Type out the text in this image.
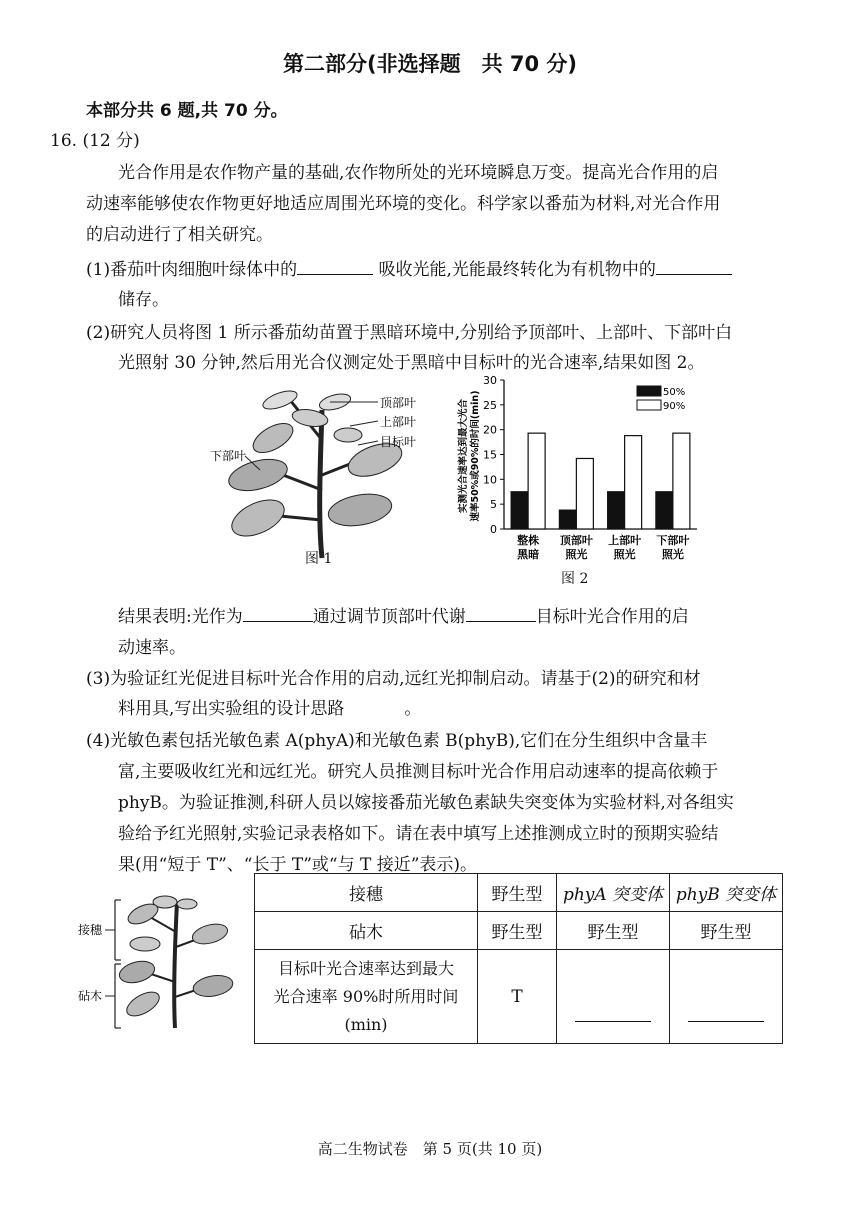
第二部分(非选择题　共 70 分)
本部分共 6 题,共 70 分。
16. (12 分)
光合作用是农作物产量的基础,农作物所处的光环境瞬息万变。提高光合作用的启
动速率能够使农作物更好地适应周围光环境的变化。科学家以番茄为材料,对光合作用
的启动进行了相关研究。
(1)番茄叶肉细胞叶绿体中的	吸收光能,光能最终转化为有机物中的
储存。
(2)研究人员将图 1 所示番茄幼苗置于黑暗环境中,分别给予顶部叶、上部叶、下部叶白
光照射 30 分钟,然后用光合仪测定处于黑暗中目标叶的光合速率,结果如图 2。
顶部叶
上部叶
目标叶
下部叶
图 1
实测光合速率达到最大光合速率50%或90%的时间(min)
0
5
10
15
20
25
30
整株
黑暗
顶部叶
照光
上部叶
照光
下部叶
照光
50%
90%
图 2
结果表明:光作为	通过调节顶部叶代谢	目标叶光合作用的启
动速率。
(3)为验证红光促进目标叶光合作用的启动,远红光抑制启动。请基于(2)的研究和材
料用具,写出实验组的设计思路	。
(4)光敏色素包括光敏色素 A(phyA)和光敏色素 B(phyB),它们在分生组织中含量丰
富,主要吸收红光和远红光。研究人员推测目标叶光合作用启动速率的提高依赖于
phyB。为验证推测,科研人员以嫁接番茄光敏色素缺失突变体为实验材料,对各组实
验给予红光照射,实验记录表格如下。请在表中填写上述推测成立时的预期实验结
果(用“短于 T”、“长于 T”或“与 T 接近”表示)。
接穗
砧木
接穗	野生型	phyA 突变体	phyB 突变体
砧木	野生型	野生型	野生型

目标叶光合速率达到最大
光合速率 90%时所用时间
(min)	T		
高二生物试卷　第 5 页(共 10 页)
